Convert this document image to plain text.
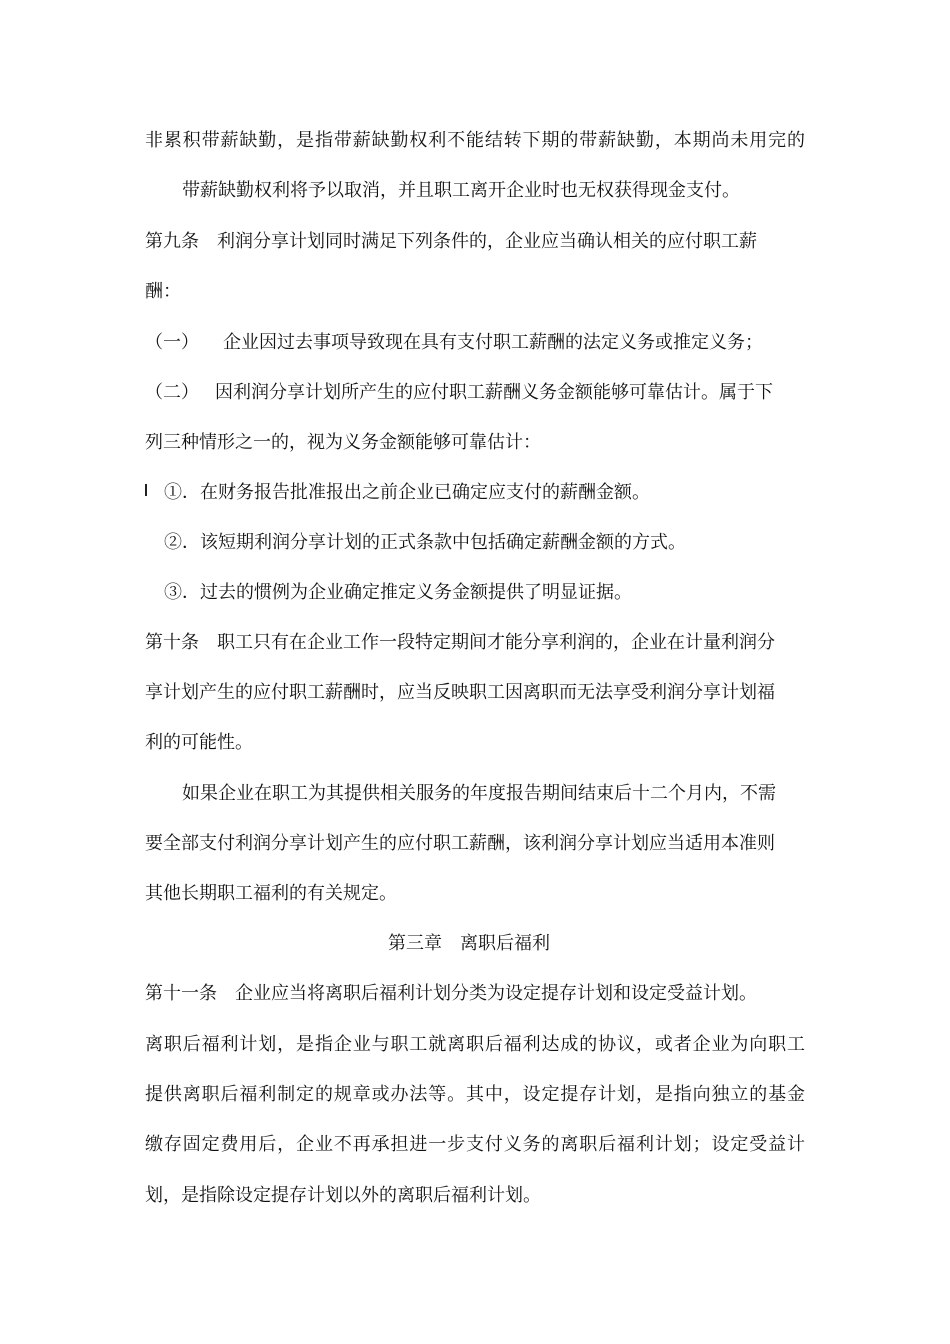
非累积带薪缺勤，是指带薪缺勤权利不能结转下期的带薪缺勤，本期尚未用完的
带薪缺勤权利将予以取消，并且职工离开企业时也无权获得现金支付。
第九条 利润分享计划同时满足下列条件的，企业应当确认相关的应付职工薪
酬：
（一） 企业因过去事项导致现在具有支付职工薪酬的法定义务或推定义务；
（二） 因利润分享计划所产生的应付职工薪酬义务金额能够可靠估计。属于下
列三种情形之一的，视为义务金额能够可靠估计：
①．在财务报告批准报出之前企业已确定应支付的薪酬金额。
②．该短期利润分享计划的正式条款中包括确定薪酬金额的方式。
③．过去的惯例为企业确定推定义务金额提供了明显证据。
第十条 职工只有在企业工作一段特定期间才能分享利润的，企业在计量利润分
享计划产生的应付职工薪酬时，应当反映职工因离职而无法享受利润分享计划福
利的可能性。
如果企业在职工为其提供相关服务的年度报告期间结束后十二个月内，不需
要全部支付利润分享计划产生的应付职工薪酬，该利润分享计划应当适用本准则
其他长期职工福利的有关规定。
第三章　离职后福利
第十一条 企业应当将离职后福利计划分类为设定提存计划和设定受益计划。
离职后福利计划，是指企业与职工就离职后福利达成的协议，或者企业为向职工
提供离职后福利制定的规章或办法等。其中，设定提存计划，是指向独立的基金
缴存固定费用后，企业不再承担进一步支付义务的离职后福利计划；设定受益计
划，是指除设定提存计划以外的离职后福利计划。
